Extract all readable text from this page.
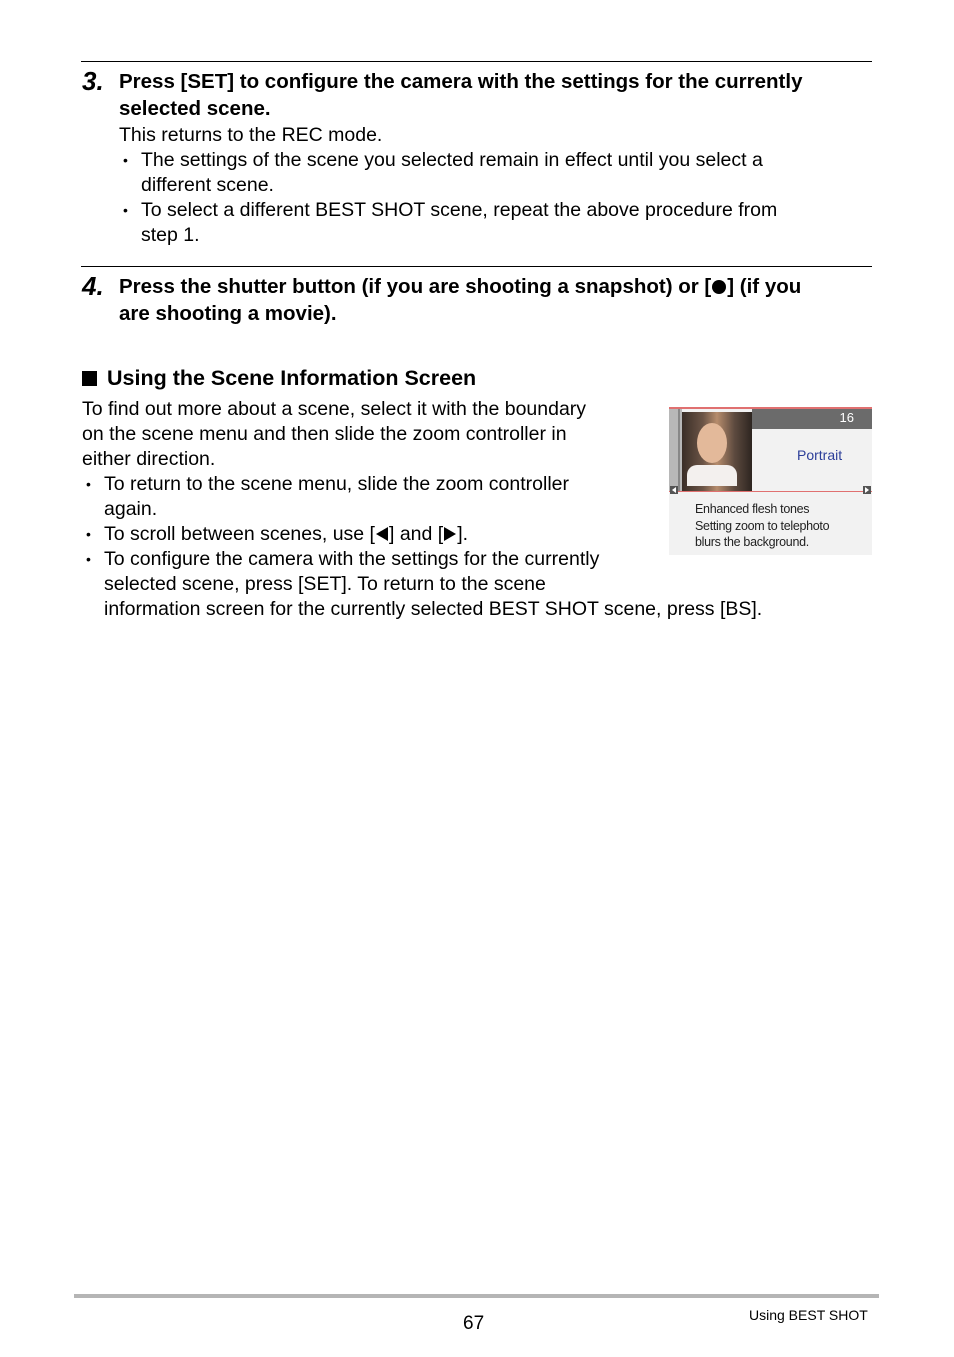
3. Press [SET] to configure the camera with the settings for the currently
selected scene.
This returns to the REC mode.
• The settings of the scene you selected remain in effect until you select a
different scene.
• To select a different BEST SHOT scene, repeat the above procedure from
step 1.
4. Press the shutter button (if you are shooting a snapshot) or [ ] (if you
are shooting a movie).
Using the Scene Information Screen
To find out more about a scene, select it with the boundary
on the scene menu and then slide the zoom controller in
either direction.
• To return to the scene menu, slide the zoom controller
again.
• To scroll between scenes, use [ ] and [ ].
• To configure the camera with the settings for the currently
selected scene, press [SET]. To return to the scene
information screen for the currently selected BEST SHOT scene, press [BS].
16
Portrait
Enhanced flesh tones
Setting zoom to telephoto
blurs the background.
67	Using BEST SHOT
